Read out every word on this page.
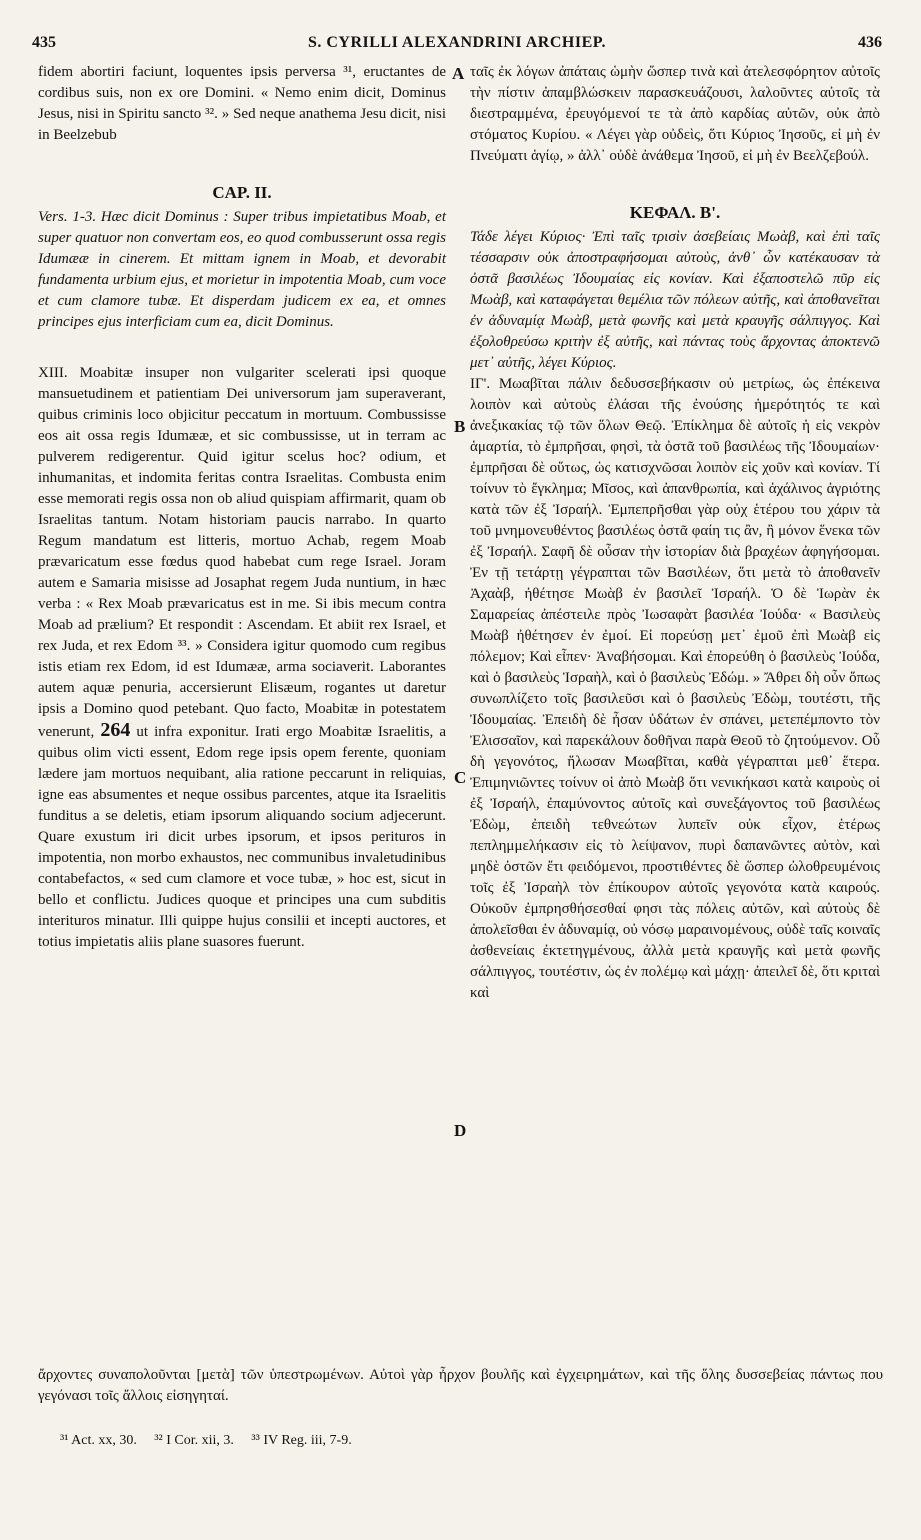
435	S. CYRILLI ALEXANDRINI ARCHIEP.	436

fidem abortiri faciunt, loquentes ipsis perversa ³¹, eructantes de cordibus suis, non ex ore Domini. « Nemo enim dicit, Dominus Jesus, nisi in Spiritu sancto ³². » Sed neque anathema Jesu dicit, nisi in Beelzebub

CAP. II.

Vers. 1-3. Hæc dicit Dominus : Super tribus impietatibus Moab, et super quatuor non convertam eos, eo quod combusserunt ossa regis Idumææ in cinerem. Et mittam ignem in Moab, et devorabit fundamenta urbium ejus, et morietur in impotentia Moab, cum voce et cum clamore tubæ. Et disperdam judicem ex ea, et omnes principes ejus interficiam cum ea, dicit Dominus.

XIII. Moabitæ insuper non vulgariter scelerati ipsi quoque mansuetudinem et patientiam Dei universorum jam superaverant, quibus criminis loco objicitur peccatum in mortuum. Combussisse eos ait ossa regis Idumææ, et sic combussisse, ut in terram ac pulverem redigerentur. Quid igitur scelus hoc? odium, et inhumanitas, et indomita feritas contra Israelitas. Combusta enim esse memorati regis ossa non ob aliud quispiam affirmarit, quam ob Israelitas tantum. Notam historiam paucis narrabo. In quarto Regum mandatum est litteris, mortuo Achab, regem Moab prævaricatum esse fœdus quod habebat cum rege Israel. Joram autem e Samaria misisse ad Josaphat regem Juda nuntium, in hæc verba : « Rex Moab prævaricatus est in me. Si ibis mecum contra Moab ad prælium? Et respondit : Ascendam. Et abiit rex Israel, et rex Juda, et rex Edom ³³. » Considera igitur quomodo cum regibus istis etiam rex Edom, id est Idumææ, arma sociaverit. Laborantes autem aquæ penuria, accersierunt Elisæum, rogantes ut daretur ipsis a Domino quod petebant. Quo facto, Moabitæ in potestatem venerunt, 264 ut infra exponitur. Irati ergo Moabitæ Israelitis, a quibus olim victi essent, Edom rege ipsis opem ferente, quoniam lædere jam mortuos nequibant, alia ratione peccarunt in reliquias, igne eas absumentes et neque ossibus parcentes, atque ita Israelitis funditus a se deletis, etiam ipsorum aliquando socium adjecerunt. Quare exustum iri dicit urbes ipsorum, et ipsos perituros in impotentia, non morbo exhaustos, nec communibus invaletudinibus contabefactos, « sed cum clamore et voce tubæ, » hoc est, sicut in bello et conflictu. Judices quoque et principes una cum subditis interituros minatur. Illi quippe hujus consilii et incepti auctores, et totius impietatis aliis plane suasores fuerunt.

ταῖς ἐκ λόγων ἀπάταις ὡμὴν ὥσπερ τινὰ καὶ ἀτελεσφόρητον αὐτοῖς τὴν πίστιν ἀπαμβλώσκειν παρασκευάζουσι, λαλοῦντες αὐτοῖς τὰ διεστραμμένα, ἐρευγόμενοί τε τὰ ἀπὸ καρδίας αὐτῶν, οὐκ ἀπὸ στόματος Κυρίου. « Λέγει γὰρ οὐδεὶς, ὅτι Κύριος Ἰησοῦς, εἰ μὴ ἐν Πνεύματι ἁγίῳ, » ἀλλ᾽ οὐδὲ ἀνάθεμα Ἰησοῦ, εἰ μὴ ἐν Βεελζεβούλ.

ΚΕΦΑΛ. Β'.

Τάδε λέγει Κύριος· Ἐπὶ ταῖς τρισὶν ἀσεβείαις Μωὰβ, καὶ ἐπὶ ταῖς τέσσαρσιν οὐκ ἀποστραφήσομαι αὐτοὺς, ἀνθ᾽ ὧν κατέκαυσαν τὰ ὀστᾶ βασιλέως Ἰδουμαίας εἰς κονίαν. Καὶ ἐξαποστελῶ πῦρ εἰς Μωὰβ, καὶ καταφάγεται θεμέλια τῶν πόλεων αὐτῆς, καὶ ἀποθανεῖται ἐν ἀδυναμίᾳ Μωὰβ, μετὰ φωνῆς καὶ μετὰ κραυγῆς σάλπιγγος. Καὶ ἐξολοθρεύσω κριτὴν ἐξ αὐτῆς, καὶ πάντας τοὺς ἄρχοντας ἀποκτενῶ μετ᾽ αὐτῆς, λέγει Κύριος.

ΙΓ'. Μωαβῖται πάλιν δεδυσσεβήκασιν οὐ μετρίως, ὡς ἐπέκεινα λοιπὸν καὶ αὐτοὺς ἐλάσαι τῆς ἐνούσης ἡμερότητός τε καὶ ἀνεξικακίας τῷ τῶν ὅλων Θεῷ. Ἐπίκλημα δὲ αὐτοῖς ἡ εἰς νεκρὸν ἁμαρτία, τὸ ἐμπρῆσαι, φησὶ, τὰ ὀστᾶ τοῦ βασιλέως τῆς Ἰδουμαίων· ἐμπρῆσαι δὲ οὕτως, ὡς κατισχνῶσαι λοιπὸν εἰς χοῦν καὶ κονίαν. Τί τοίνυν τὸ ἔγκλημα; Μῖσος, καὶ ἀπανθρωπία, καὶ ἀχάλινος ἀγριότης κατὰ τῶν ἐξ Ἰσραήλ. Ἐμπεπρῆσθαι γὰρ οὐχ ἑτέρου του χάριν τὰ τοῦ μνημονευθέντος βασιλέως ὀστᾶ φαίη τις ἂν, ἢ μόνον ἕνεκα τῶν ἐξ Ἰσραήλ. Σαφῆ δὲ οὖσαν τὴν ἱστορίαν διὰ βραχέων ἀφηγήσομαι. Ἐν τῇ τετάρτῃ γέγραπται τῶν Βασιλέων, ὅτι μετὰ τὸ ἀποθανεῖν Ἀχαὰβ, ἠθέτησε Μωὰβ ἐν βασιλεῖ Ἰσραήλ. Ὁ δὲ Ἰωρὰν ἐκ Σαμαρείας ἀπέστειλε πρὸς Ἰωσαφὰτ βασιλέα Ἰούδα· « Βασιλεὺς Μωὰβ ἠθέτησεν ἐν ἐμοί. Εἰ πορεύσῃ μετ᾽ ἐμοῦ ἐπὶ Μωὰβ εἰς πόλεμον; Καὶ εἶπεν· Ἀναβήσομαι. Καὶ ἐπορεύθη ὁ βασιλεὺς Ἰούδα, καὶ ὁ βασιλεὺς Ἰσραὴλ, καὶ ὁ βασιλεὺς Ἐδώμ. » Ἄθρει δὴ οὖν ὅπως συνωπλίζετο τοῖς βασιλεῦσι καὶ ὁ βασιλεὺς Ἐδὼμ, τουτέστι, τῆς Ἰδουμαίας. Ἐπειδὴ δὲ ἦσαν ὑδάτων ἐν σπάνει, μετεπέμποντο τὸν Ἐλισσαῖον, καὶ παρεκάλουν δοθῆναι παρὰ Θεοῦ τὸ ζητούμενον. Οὗ δὴ γεγονότος, ἥλωσαν Μωαβῖται, καθὰ γέγραπται μεθ᾽ ἕτερα. Ἐπιμηνιῶντες τοίνυν οἱ ἀπὸ Μωὰβ ὅτι νενικήκασι κατὰ καιροὺς οἱ ἐξ Ἰσραήλ, ἐπαμύνοντος αὐτοῖς καὶ συνεξάγοντος τοῦ βασιλέως Ἐδὼμ, ἐπειδὴ τεθνεώτων λυπεῖν οὐκ εἶχον, ἑτέρως πεπλημμελήκασιν εἰς τὸ λείψανον, πυρὶ δαπανῶντες αὐτὸν, καὶ μηδὲ ὀστῶν ἔτι φειδόμενοι, προστιθέντες δὲ ὥσπερ ὠλοθρευμένοις τοῖς ἐξ Ἰσραὴλ τὸν ἐπίκουρον αὐτοῖς γεγονότα κατὰ καιρούς. Οὐκοῦν ἐμπρησθήσεσθαί φησι τὰς πόλεις αὐτῶν, καὶ αὐτοὺς δὲ ἀπολεῖσθαι ἐν ἀδυναμίᾳ, οὐ νόσῳ μαραινομένους, οὐδὲ ταῖς κοιναῖς ἀσθενείαις ἐκτετηγμένους, ἀλλὰ μετὰ κραυγῆς καὶ μετὰ φωνῆς σάλπιγγος, τουτέστιν, ὡς ἐν πολέμῳ καὶ μάχῃ· ἀπειλεῖ δὲ, ὅτι κριταὶ καὶ

A
B
C
D
ἄρχοντες συναπολοῦνται [μετὰ] τῶν ὑπεστρωμένων. Αὐτοὶ γὰρ ἦρχον βουλῆς καὶ ἐγχειρημάτων, καὶ τῆς ὅλης δυσσεβείας πάντως που γεγόνασι τοῖς ἄλλοις εἰσηγηταί.
³¹ Act. xx, 30. ³² I Cor. xii, 3. ³³ IV Reg. iii, 7-9.
